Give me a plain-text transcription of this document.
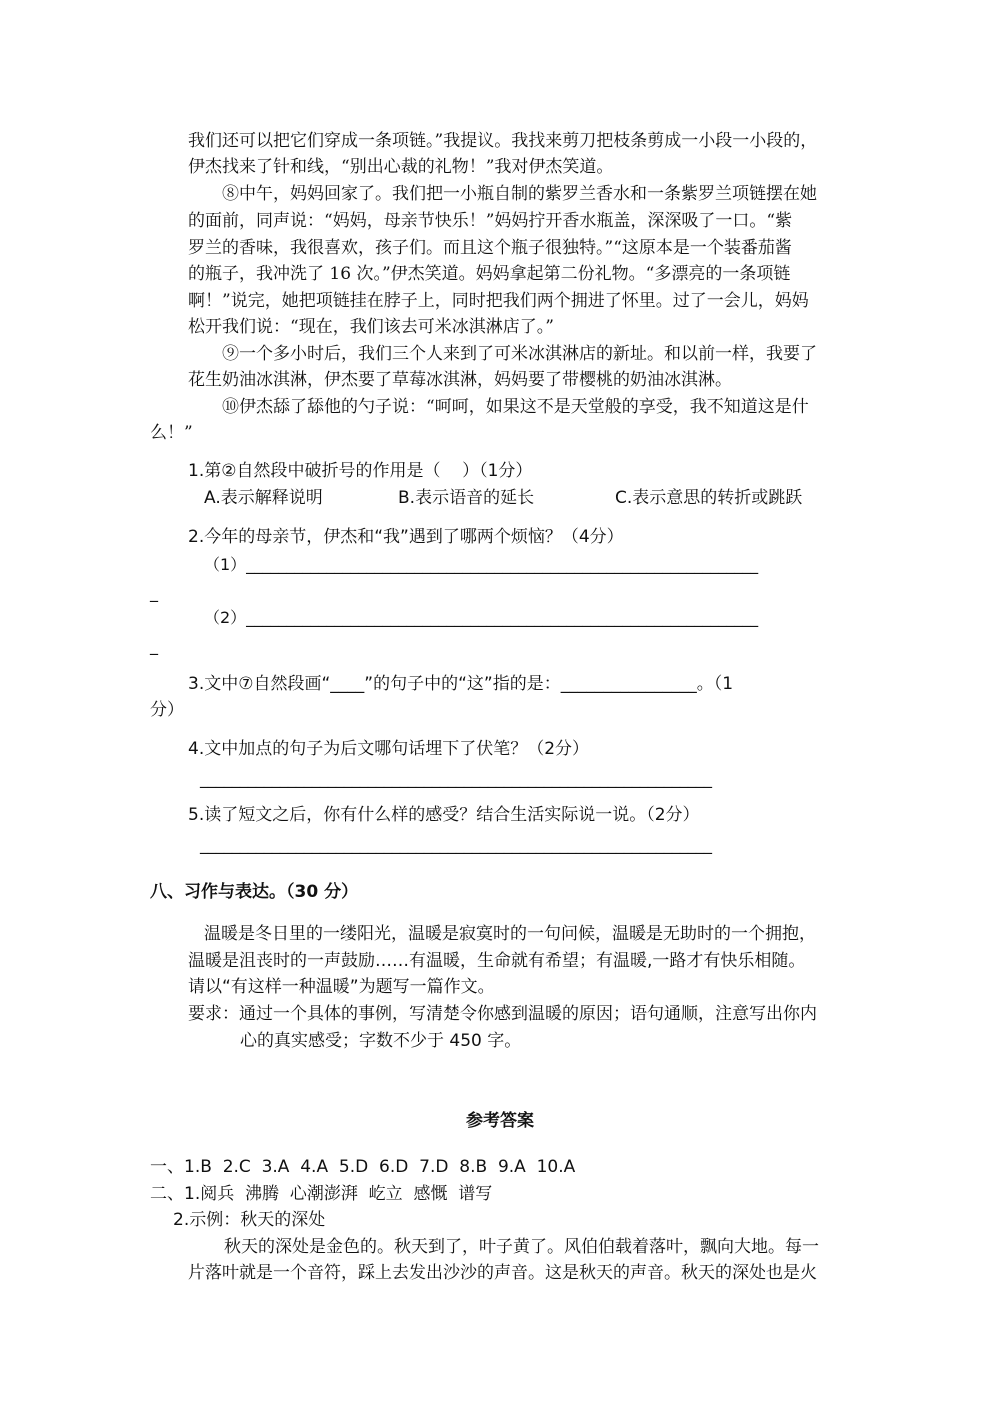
我们还可以把它们穿成一条项链。”我提议。我找来剪刀把枝条剪成一小段一小段的，
伊杰找来了针和线，“别出心裁的礼物！”我对伊杰笑道。
⑧中午，妈妈回家了。我们把一小瓶自制的紫罗兰香水和一条紫罗兰项链摆在她
的面前，同声说：“妈妈，母亲节快乐！”妈妈拧开香水瓶盖，深深吸了一口。“紫
罗兰的香味，我很喜欢，孩子们。而且这个瓶子很独特。”“这原本是一个装番茄酱
的瓶子，我冲洗了 16 次。”伊杰笑道。妈妈拿起第二份礼物。“多漂亮的一条项链
啊！”说完，她把项链挂在脖子上，同时把我们两个拥进了怀里。过了一会儿，妈妈
松开我们说：“现在，我们该去可米冰淇淋店了。”
⑨一个多小时后，我们三个人来到了可米冰淇淋店的新址。和以前一样，我要了
花生奶油冰淇淋，伊杰要了草莓冰淇淋，妈妈要了带樱桃的奶油冰淇淋。
⑩伊杰舔了舔他的勺子说：“呵呵，如果这不是天堂般的享受，我不知道这是什
么！”
1.第②自然段中破折号的作用是（    ）（1分）
A.表示解释说明	B.表示语音的延长	C.表示意思的转折或跳跃
2.今年的母亲节，伊杰和“我”遇到了哪两个烦恼？（4分）
（1）________________________________________________________________
_
（2）________________________________________________________________
_
3.文中⑦自然段画“____”的句子中的“这”指的是：________________。（1
分）
4.文中加点的句子为后文哪句话埋下了伏笔？（2分）
________________________________________________________________
5.读了短文之后，你有什么样的感受？结合生活实际说一说。（2分）
________________________________________________________________
八、习作与表达。（30 分）
温暖是冬日里的一缕阳光，温暖是寂寞时的一句问候，温暖是无助时的一个拥抱，
温暖是沮丧时的一声鼓励……有温暖，生命就有希望；有温暖,一路才有快乐相随。
请以“有这样一种温暖”为题写一篇作文。
要求：通过一个具体的事例，写清楚令你感到温暖的原因；语句通顺，注意写出你内
心的真实感受；字数不少于 450 字。
参考答案
一、1.B  2.C  3.A  4.A  5.D  6.D  7.D  8.B  9.A  10.A
二、1.阅兵  沸腾  心潮澎湃  屹立  感慨  谱写
2.示例：秋天的深处
秋天的深处是金色的。秋天到了，叶子黄了。风伯伯载着落叶，飘向大地。每一
片落叶就是一个音符，踩上去发出沙沙的声音。这是秋天的声音。秋天的深处也是火
